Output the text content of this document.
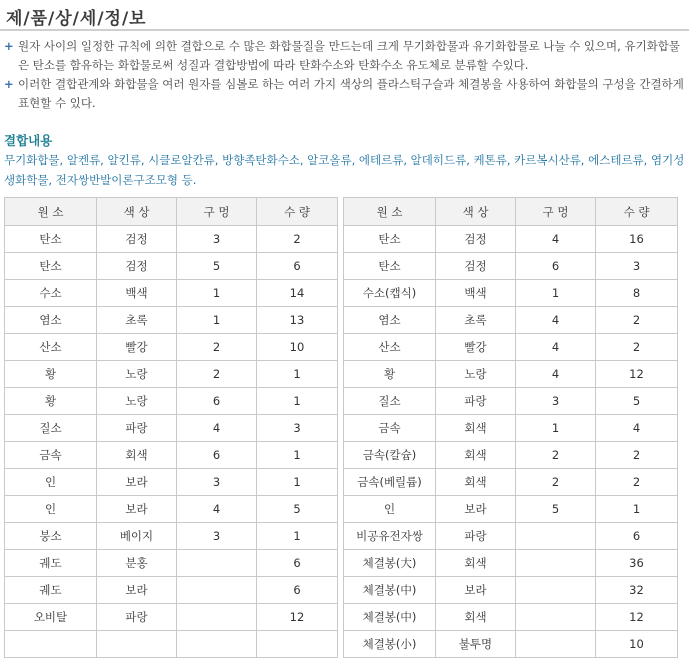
제/품/상/세/정/보
+ 원자 사이의 일정한 규칙에 의한 결합으로 수 많은 화합물질을 만드는데 크게 무기화합물과 유기화합물로 나눌 수 있으며, 유기화합물은 탄소를 함유하는 화합물로써 성질과 결합방법에 따라 탄화수소와 탄화수소 유도체로 분류할 수있다.
+ 이러한 결합관계와 화합물을 여러 원자를 심볼로 하는 여러 가지 색상의 플라스틱구슬과 체결봉을 사용하여 화합물의 구성을 간결하게 표현할 수 있다.
결합내용
무기화합물, 알켄류, 알킨류, 시클로알칸류, 방향족탄화수소, 알코올류, 에테르류, 알데히드류, 케톤류, 카르복시산류, 에스테르류, 염기성생화학물, 전자쌍반발이론구조모형 등.
원 소	색 상	구 멍	수 량
탄소	검정	3	2
탄소	검정	5	6
수소	백색	1	14
염소	초록	1	13
산소	빨강	2	10
황	노랑	2	1
황	노랑	6	1
질소	파랑	4	3
금속	회색	6	1
인	보라	3	1
인	보라	4	5
붕소	베이지	3	1
궤도	분홍		6
궤도	보라		6
오비탈	파랑		12

원 소	색 상	구 멍	수 량
탄소	검정	4	16
탄소	검정	6	3
수소(캡식)	백색	1	8
염소	초록	4	2
산소	빨강	4	2
황	노랑	4	12
질소	파랑	3	5
금속	회색	1	4
금속(칼슘)	회색	2	2
금속(베릴륨)	회색	2	2
인	보라	5	1
비공유전자쌍	파랑		6
체결봉(大)	회색		36
체결봉(中)	보라		32
체결봉(中)	회색		12
체결봉(小)	불투명		10
